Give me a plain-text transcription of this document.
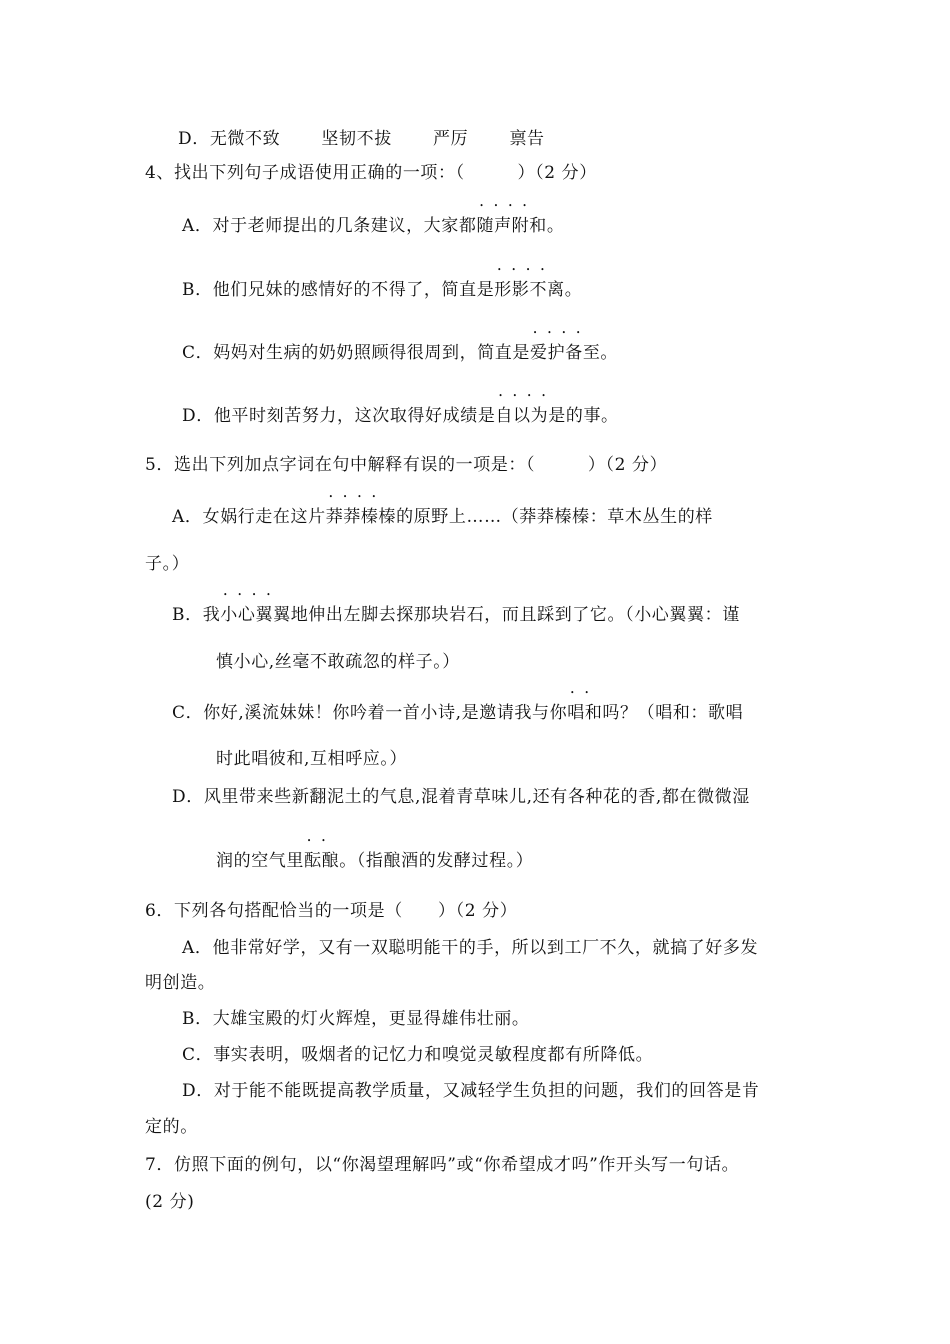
D．无微不致　　 坚韧不拔　　 严厉　　 禀告
4、找出下列句子成语使用正确的一项：（　　　）（2 分）
A．对于老师提出的几条建议，大家都随声附和 • • • •。
B．他们兄妹的感情好的不得了，简直是形影不离 • • • •。
C．妈妈对生病的奶奶照顾得很周到，简直是爱护备至 • • • •。
D．他平时刻苦努力，这次取得好成绩是自以为是 • • • •的事。
5．选出下列加点字词在句中解释有误的一项是：（　　　）（2 分）
A．女娲行走在这片莽莽榛榛 • • • •的原野上……（莽莽榛榛：草木丛生的样
子。）
B．我小心翼翼 • • • •地伸出左脚去探那块岩石，而且踩到了它。（小心翼翼：谨
慎小心,丝毫不敢疏忽的样子。）
C．你好,溪流妹妹！你吟着一首小诗,是邀请我与你唱和 • •吗？（唱和：歌唱
时此唱彼和,互相呼应。）
D．风里带来些新翻泥土的气息,混着青草味儿,还有各种花的香,都在微微湿
润的空气里酝酿 • •。（指酿酒的发酵过程。）
6．下列各句搭配恰当的一项是（　　）（2 分）
A．他非常好学，又有一双聪明能干的手，所以到工厂不久，就搞了好多发
明创造。
B．大雄宝殿的灯火辉煌，更显得雄伟壮丽。
C．事实表明，吸烟者的记忆力和嗅觉灵敏程度都有所降低。
D．对于能不能既提高教学质量，又减轻学生负担的问题，我们的回答是肯
定的。
7．仿照下面的例句，以“你渴望理解吗”或“你希望成才吗”作开头写一句话。
(2 分)
